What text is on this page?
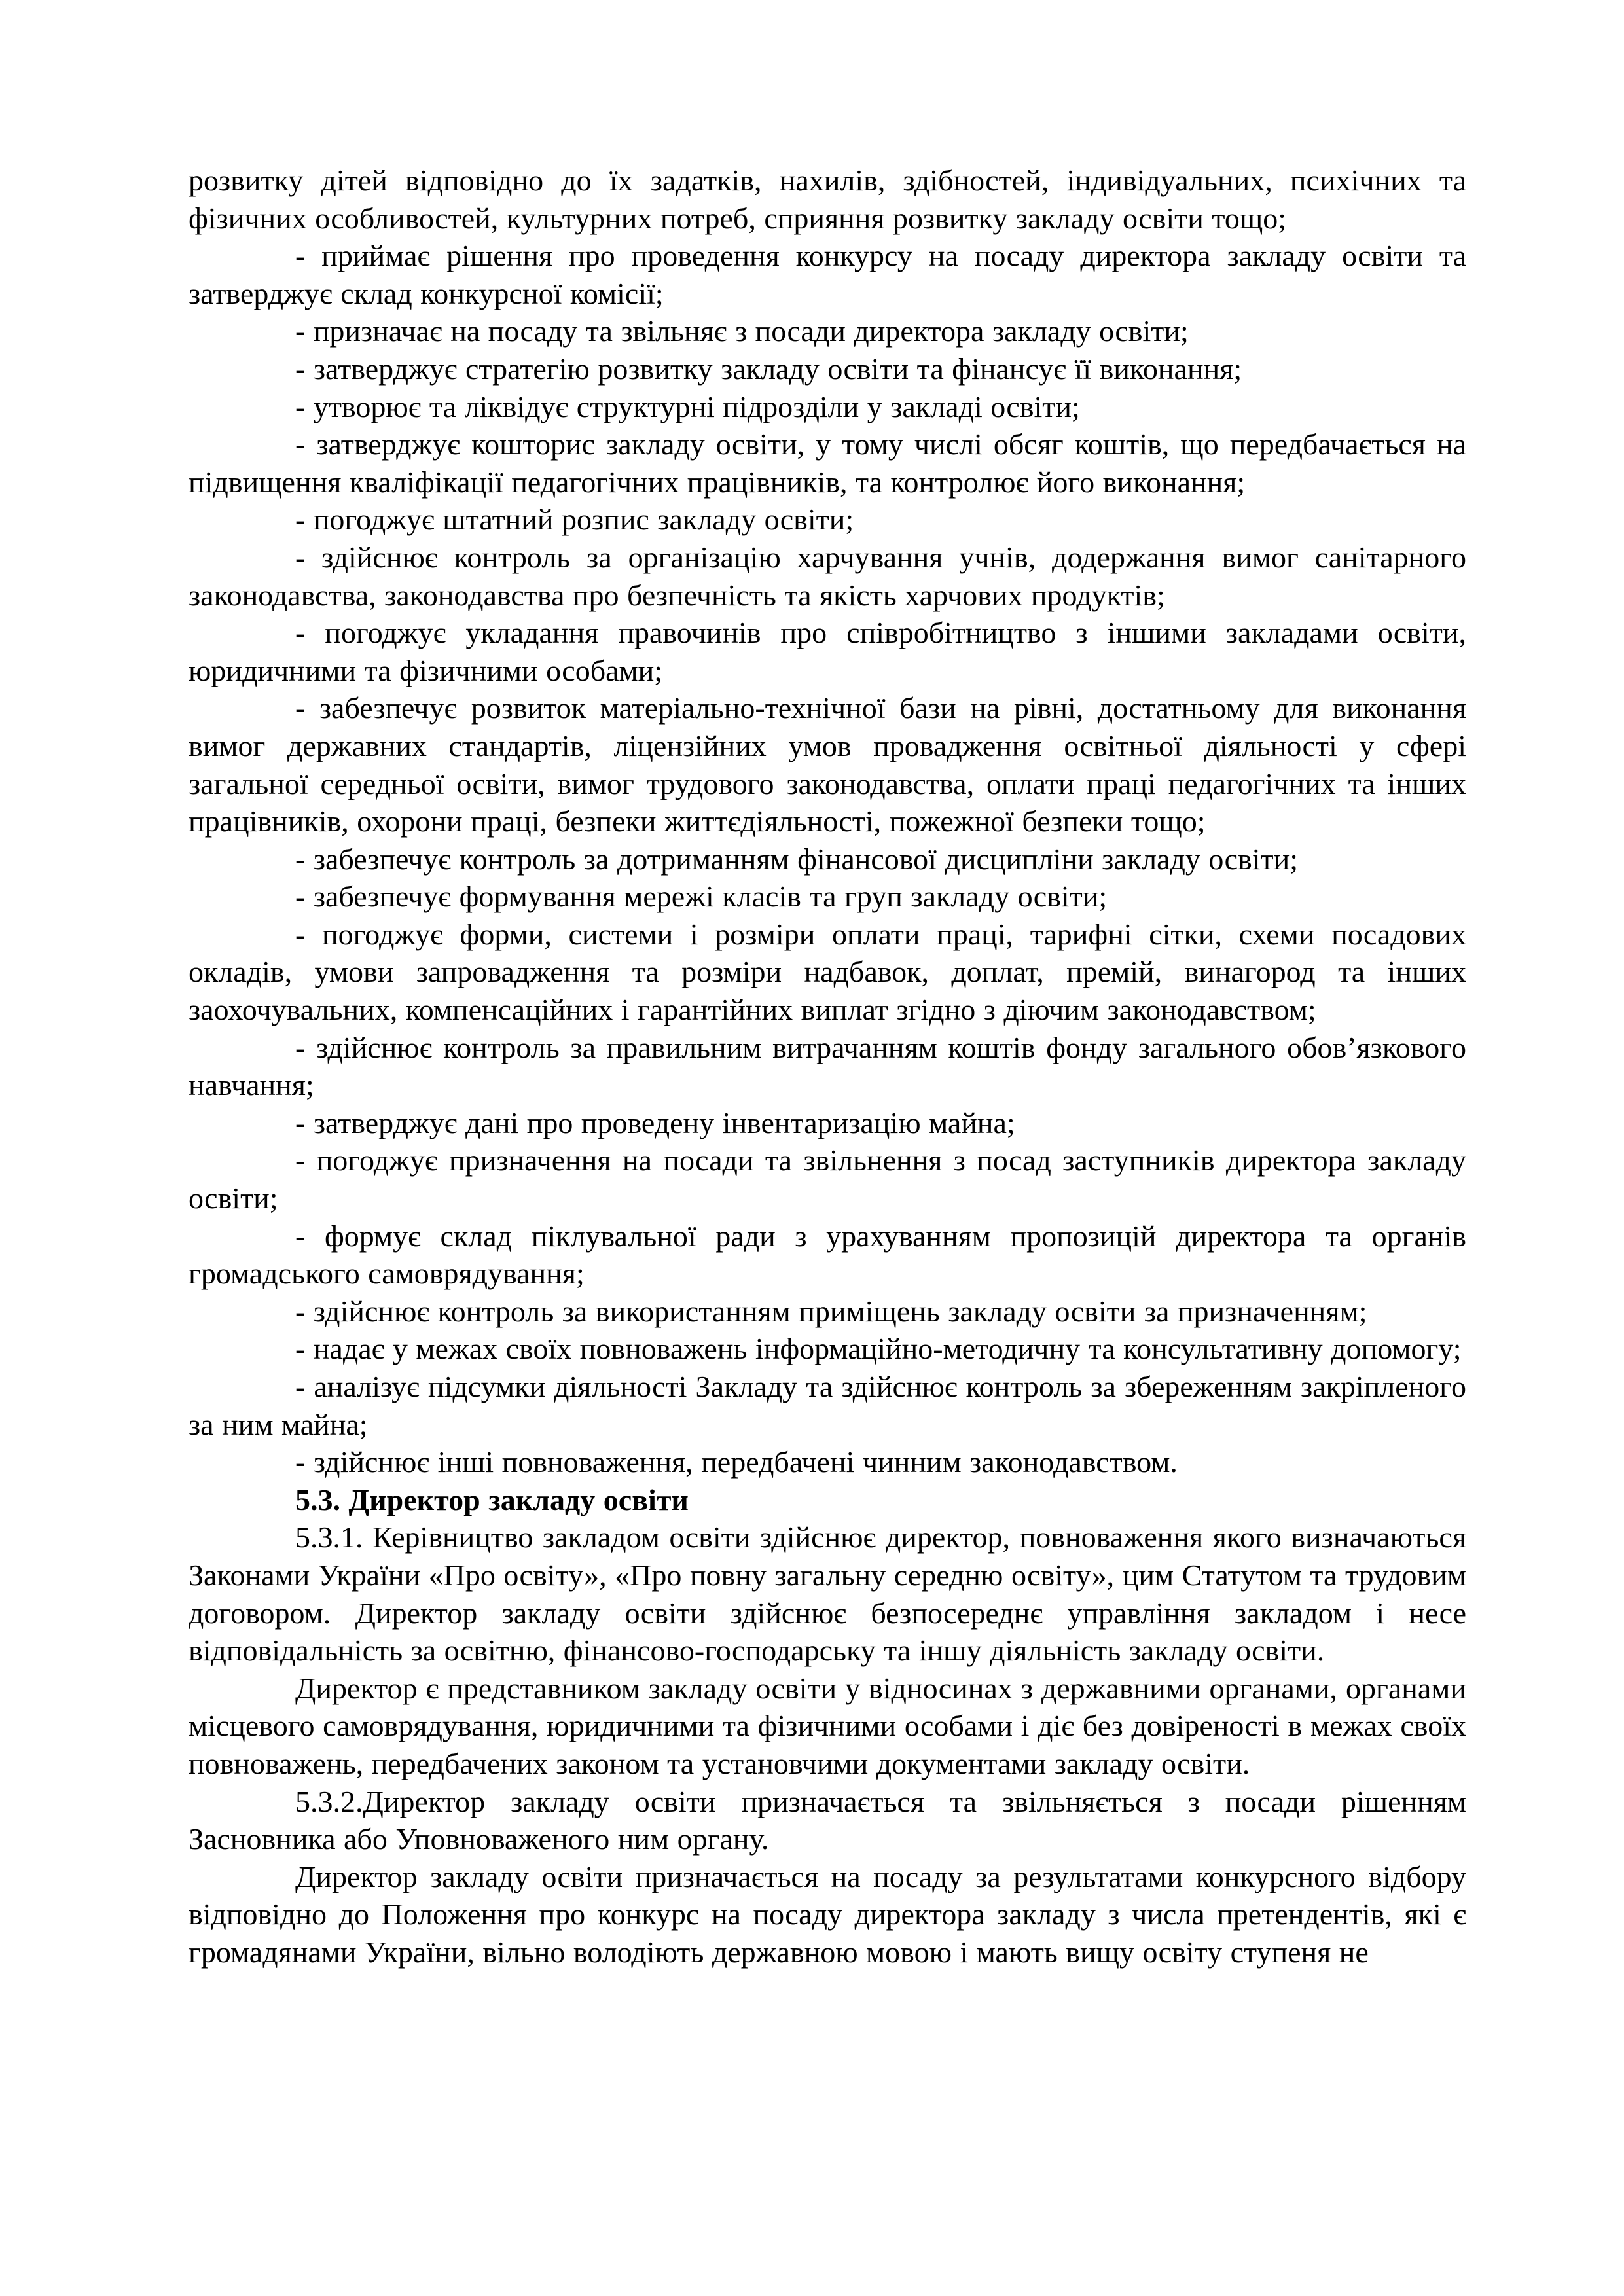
розвитку дітей відповідно до їх задатків, нахилів, здібностей, індивідуальних, психічних та фізичних особливостей, культурних потреб, сприяння розвитку закладу освіти тощо;

- приймає рішення про проведення конкурсу на посаду директора закладу освіти та затверджує склад конкурсної комісії;

- призначає на посаду та звільняє з посади директора закладу освіти;

- затверджує стратегію розвитку закладу освіти та фінансує її виконання;

- утворює та ліквідує структурні підрозділи у закладі освіти;

- затверджує кошторис закладу освіти, у тому числі обсяг коштів, що передбачається на підвищення кваліфікації педагогічних працівників, та контролює його виконання;

- погоджує штатний розпис закладу освіти;

- здійснює контроль за організацію харчування учнів, додержання вимог санітарного законодавства, законодавства про безпечність та якість харчових продуктів;

- погоджує укладання правочинів про співробітництво з іншими закладами освіти, юридичними та фізичними особами;

- забезпечує розвиток матеріально-технічної бази на рівні, достатньому для виконання вимог державних стандартів, ліцензійних умов провадження освітньої діяльності у сфері загальної середньої освіти, вимог трудового законодавства, оплати праці педагогічних та інших працівників, охорони праці, безпеки життєдіяльності, пожежної безпеки тощо;

- забезпечує контроль за дотриманням фінансової дисципліни закладу освіти;

- забезпечує формування мережі класів та груп закладу освіти;

- погоджує форми, системи і розміри оплати праці, тарифні сітки, схеми посадових окладів, умови запровадження та розміри надбавок, доплат, премій, винагород та інших заохочувальних, компенсаційних і гарантійних виплат згідно з діючим законодавством;

- здійснює контроль за правильним витрачанням коштів фонду загального обов’язкового навчання;

- затверджує дані про проведену інвентаризацію майна;

- погоджує призначення на посади та звільнення з посад заступників директора закладу освіти;

- формує склад піклувальної ради з урахуванням пропозицій директора та органів громадського самоврядування;

- здійснює контроль за використанням приміщень закладу освіти за призначенням;

- надає у межах своїх повноважень інформаційно-методичну та консультативну допомогу;

- аналізує підсумки діяльності Закладу та здійснює контроль за збереженням закріпленого за ним майна;

- здійснює інші повноваження, передбачені чинним законодавством.

5.3. Директор закладу освіти

5.3.1. Керівництво закладом освіти здійснює директор, повноваження якого визначаються Законами України «Про освіту», «Про повну загальну середню освіту», цим Статутом та трудовим договором. Директор закладу освіти здійснює безпосереднє управління закладом і несе відповідальність за освітню, фінансово-господарську та іншу діяльність закладу освіти.

Директор є представником закладу освіти у відносинах з державними органами, органами місцевого самоврядування, юридичними та фізичними особами і діє без довіреності в межах своїх повноважень, передбачених законом та установчими документами закладу освіти.

5.3.2.Директор закладу освіти призначається та звільняється з посади рішенням Засновника або Уповноваженого ним органу.

Директор закладу освіти призначається на посаду за результатами конкурсного відбору відповідно до Положення про конкурс на посаду директора закладу з числа претендентів, які є громадянами України, вільно володіють державною мовою і мають вищу освіту ступеня не
